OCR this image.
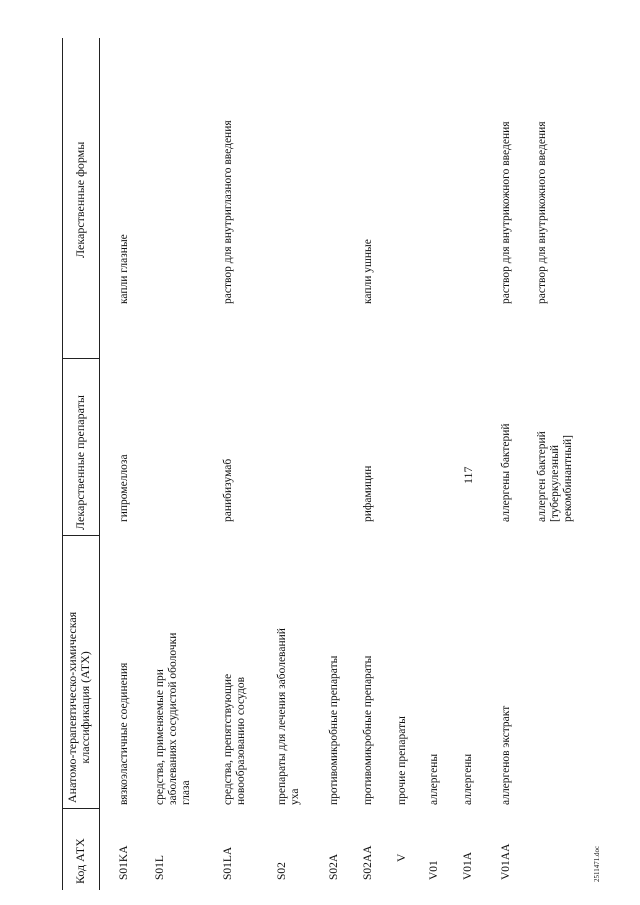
117
2511471.doc
Код АТХ
Анатомо-терапевтическо-химическая классификация (АТХ)
Лекарственные препараты
Лекарственные формы
S01KA
вязкоэластичные соединения
гипромеллоза
капли глазные
S01L
средства, применяемые при заболеваниях сосудистой оболочки глаза
S01LA
средства, препятствующие новообразованию сосудов
ранибизумаб
раствор для внутриглазного введения
S02
препараты для лечения заболеваний уха
S02A
противомикробные препараты
S02AA
противомикробные препараты
рифамицин
капли ушные
V
прочие препараты
V01
аллергены
V01A
аллергены
V01AA
аллергенов экстракт
аллергены бактерий
раствор для внутрикожного введения
аллерген бактерий [туберкулезный рекомбинантный]
раствор для внутрикожного введения
